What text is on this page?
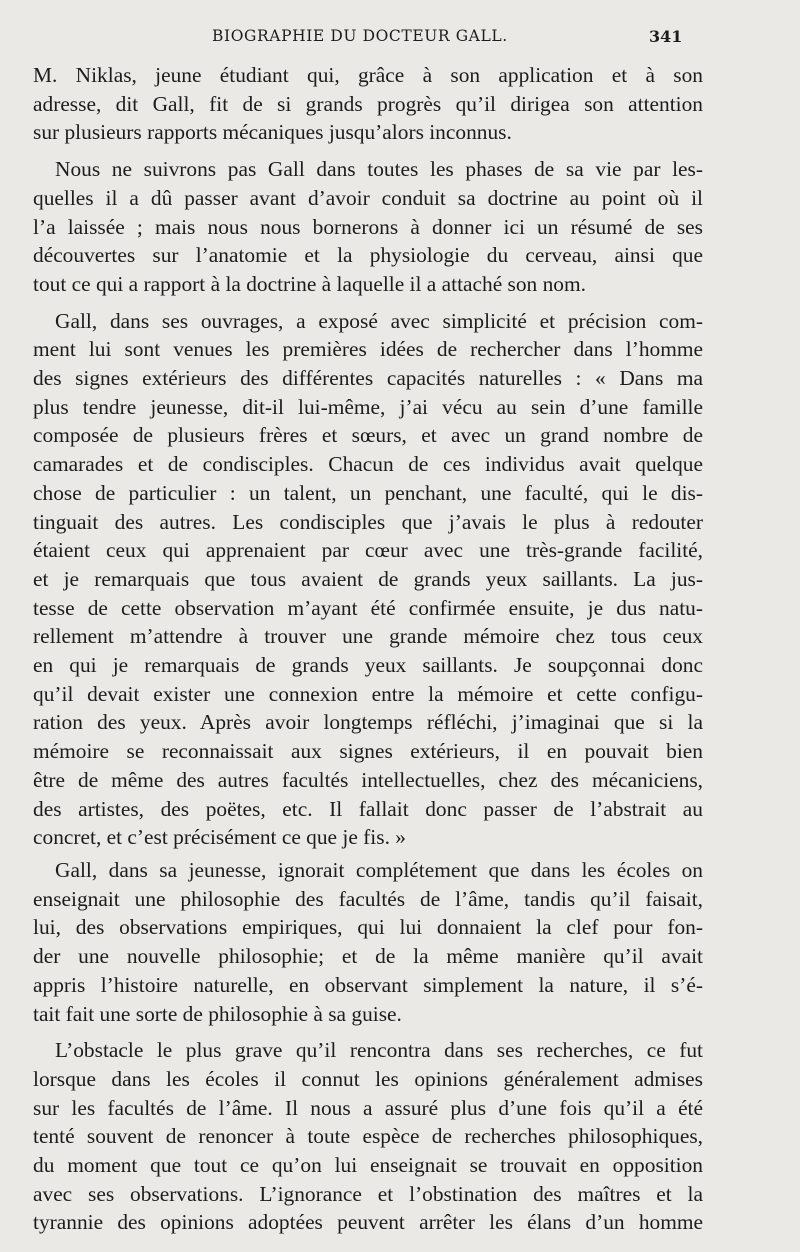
BIOGRAPHIE DU DOCTEUR GALL.	341
M. Niklas, jeune étudiant qui, grâce à son application et à son
adresse, dit Gall, fit de si grands progrès qu’il dirigea son attention
sur plusieurs rapports mécaniques jusqu’alors inconnus.
Nous ne suivrons pas Gall dans toutes les phases de sa vie par les-
quelles il a dû passer avant d’avoir conduit sa doctrine au point où il
l’a laissée ; mais nous nous bornerons à donner ici un résumé de ses
découvertes sur l’anatomie et la physiologie du cerveau, ainsi que
tout ce qui a rapport à la doctrine à laquelle il a attaché son nom.
Gall, dans ses ouvrages, a exposé avec simplicité et précision com-
ment lui sont venues les premières idées de rechercher dans l’homme
des signes extérieurs des différentes capacités naturelles : « Dans ma
plus tendre jeunesse, dit-il lui-même, j’ai vécu au sein d’une famille
composée de plusieurs frères et sœurs, et avec un grand nombre de
camarades et de condisciples. Chacun de ces individus avait quelque
chose de particulier : un talent, un penchant, une faculté, qui le dis-
tinguait des autres. Les condisciples que j’avais le plus à redouter
étaient ceux qui apprenaient par cœur avec une très-grande facilité,
et je remarquais que tous avaient de grands yeux saillants. La jus-
tesse de cette observation m’ayant été confirmée ensuite, je dus natu-
rellement m’attendre à trouver une grande mémoire chez tous ceux
en qui je remarquais de grands yeux saillants. Je soupçonnai donc
qu’il devait exister une connexion entre la mémoire et cette configu-
ration des yeux. Après avoir longtemps réfléchi, j’imaginai que si la
mémoire se reconnaissait aux signes extérieurs, il en pouvait bien
être de même des autres facultés intellectuelles, chez des mécaniciens,
des artistes, des poëtes, etc. Il fallait donc passer de l’abstrait au
concret, et c’est précisément ce que je fis. »
Gall, dans sa jeunesse, ignorait complétement que dans les écoles on
enseignait une philosophie des facultés de l’âme, tandis qu’il faisait,
lui, des observations empiriques, qui lui donnaient la clef pour fon-
der une nouvelle philosophie; et de la même manière qu’il avait
appris l’histoire naturelle, en observant simplement la nature, il s’é-
tait fait une sorte de philosophie à sa guise.
L’obstacle le plus grave qu’il rencontra dans ses recherches, ce fut
lorsque dans les écoles il connut les opinions généralement admises
sur les facultés de l’âme. Il nous a assuré plus d’une fois qu’il a été
tenté souvent de renoncer à toute espèce de recherches philosophiques,
du moment que tout ce qu’on lui enseignait se trouvait en opposition
avec ses observations. L’ignorance et l’obstination des maîtres et la
tyrannie des opinions adoptées peuvent arrêter les élans d’un homme
